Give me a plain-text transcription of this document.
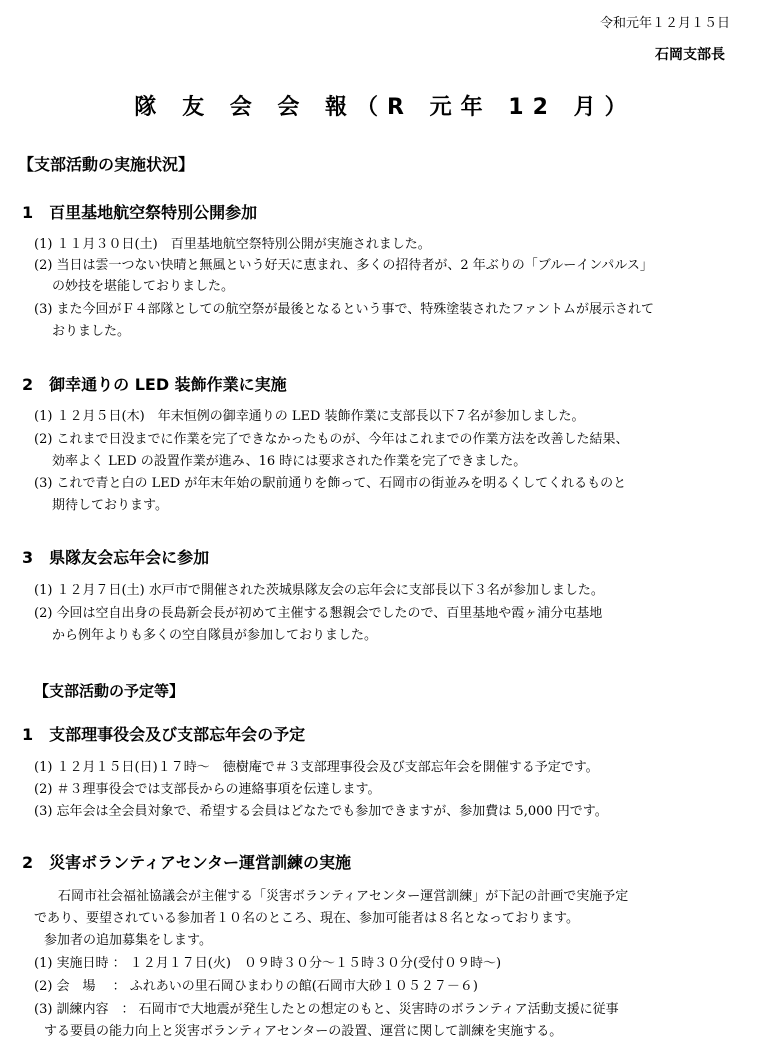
令和元年１２月１５日
石岡支部長
隊 友 会 会 報（R 元年 12 月）
【支部活動の実施状況】
1　百里基地航空祭特別公開参加
(1) １１月３０日(土)　百里基地航空祭特別公開が実施されました。
(2) 当日は雲一つない快晴と無風という好天に恵まれ、多くの招待者が、2 年ぶりの「ブルーインパルス」
の妙技を堪能しておりました。
(3) また今回がＦ４部隊としての航空祭が最後となるという事で、特殊塗装されたファントムが展示されて
おりました。
2　御幸通りの LED 装飾作業に実施
(1) １２月５日(木)　年末恒例の御幸通りの LED 装飾作業に支部長以下７名が参加しました。
(2) これまで日没までに作業を完了できなかったものが、今年はこれまでの作業方法を改善した結果、
効率よく LED の設置作業が進み、16 時には要求された作業を完了できました。
(3) これで青と白の LED が年末年始の駅前通りを飾って、石岡市の街並みを明るくしてくれるものと
期待しております。
3　県隊友会忘年会に参加
(1) １２月７日(土) 水戸市で開催された茨城県隊友会の忘年会に支部長以下３名が参加しました。
(2) 今回は空自出身の長島新会長が初めて主催する懇親会でしたので、百里基地や霞ヶ浦分屯基地
から例年よりも多くの空自隊員が参加しておりました。
【支部活動の予定等】
1　支部理事役会及び支部忘年会の予定
(1) １２月１５日(日)１７時～　徳樹庵で＃３支部理事役会及び支部忘年会を開催する予定です。
(2) ＃３理事役会では支部長からの連絡事項を伝達します。
(3) 忘年会は全会員対象で、希望する会員はどなたでも参加できますが、参加費は 5,000 円です。
2　災害ボランティアセンター運営訓練の実施
石岡市社会福祉協議会が主催する「災害ボランティアセンター運営訓練」が下記の計画で実施予定
であり、要望されている参加者１０名のところ、現在、参加可能者は８名となっております。
参加者の追加募集をします。
(1) 実施日時 ： １２月１７日(火)　０９時３０分～１５時３０分(受付０９時～)
(2) 会　場　 ： ふれあいの里石岡ひまわりの館(石岡市大砂１０５２７－６)
(3) 訓練内容　： 石岡市で大地震が発生したとの想定のもと、災害時のボランティア活動支援に従事
する要員の能力向上と災害ボランティアセンターの設置、運営に関して訓練を実施する。
